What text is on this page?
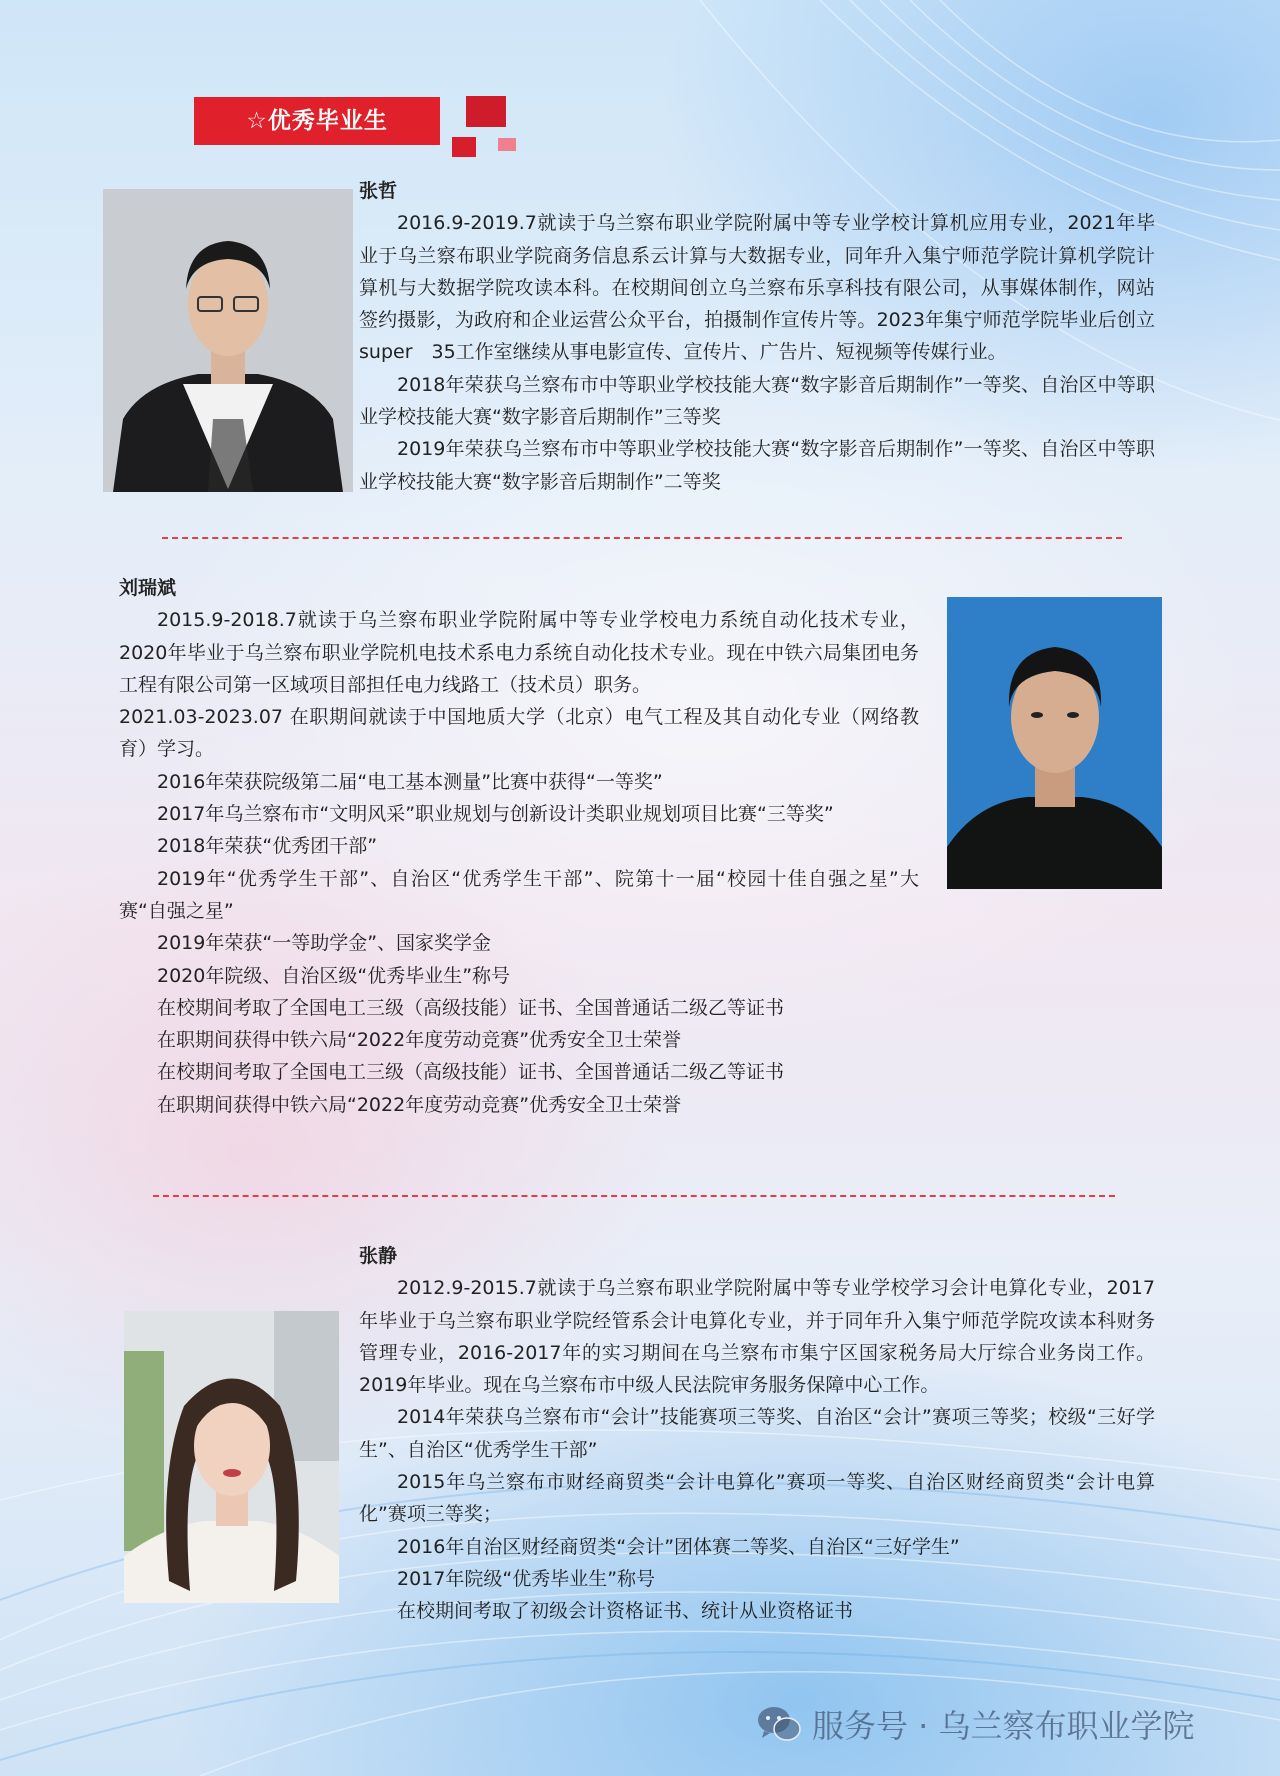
☆优秀毕业生
张哲

2016.9-2019.7就读于乌兰察布职业学院附属中等专业学校计算机应用专业，2021年毕业于乌兰察布职业学院商务信息系云计算与大数据专业，同年升入集宁师范学院计算机学院计算机与大数据学院攻读本科。在校期间创立乌兰察布乐享科技有限公司，从事媒体制作，网站签约摄影，为政府和企业运营公众平台，拍摄制作宣传片等。2023年集宁师范学院毕业后创立super　35工作室继续从事电影宣传、宣传片、广告片、短视频等传媒行业。

2018年荣获乌兰察布市中等职业学校技能大赛“数字影音后期制作”一等奖、自治区中等职业学校技能大赛“数字影音后期制作”三等奖

2019年荣获乌兰察布市中等职业学校技能大赛“数字影音后期制作”一等奖、自治区中等职业学校技能大赛“数字影音后期制作”二等奖

刘瑞斌

2015.9-2018.7就读于乌兰察布职业学院附属中等专业学校电力系统自动化技术专业，2020年毕业于乌兰察布职业学院机电技术系电力系统自动化技术专业。现在中铁六局集团电务工程有限公司第一区域项目部担任电力线路工（技术员）职务。

2021.03-2023.07 在职期间就读于中国地质大学（北京）电气工程及其自动化专业（网络教育）学习。

2016年荣获院级第二届“电工基本测量”比赛中获得“一等奖”

2017年乌兰察布市“文明风采”职业规划与创新设计类职业规划项目比赛“三等奖”

2018年荣获“优秀团干部”

2019年“优秀学生干部”、自治区“优秀学生干部”、院第十一届“校园十佳自强之星”大赛“自强之星”

2019年荣获“一等助学金”、国家奖学金

2020年院级、自治区级“优秀毕业生”称号

在校期间考取了全国电工三级（高级技能）证书、全国普通话二级乙等证书

在职期间获得中铁六局“2022年度劳动竞赛”优秀安全卫士荣誉

在校期间考取了全国电工三级（高级技能）证书、全国普通话二级乙等证书

在职期间获得中铁六局“2022年度劳动竞赛”优秀安全卫士荣誉

张静

2012.9-2015.7就读于乌兰察布职业学院附属中等专业学校学习会计电算化专业，2017年毕业于乌兰察布职业学院经管系会计电算化专业，并于同年升入集宁师范学院攻读本科财务管理专业，2016-2017年的实习期间在乌兰察布市集宁区国家税务局大厅综合业务岗工作。2019年毕业。现在乌兰察布市中级人民法院审务服务保障中心工作。

2014年荣获乌兰察布市“会计”技能赛项三等奖、自治区“会计”赛项三等奖；校级“三好学生”、自治区“优秀学生干部”

2015年乌兰察布市财经商贸类“会计电算化”赛项一等奖、自治区财经商贸类“会计电算化”赛项三等奖；

2016年自治区财经商贸类“会计”团体赛二等奖、自治区“三好学生”

2017年院级“优秀毕业生”称号

在校期间考取了初级会计资格证书、统计从业资格证书

服务号 · 乌兰察布职业学院
